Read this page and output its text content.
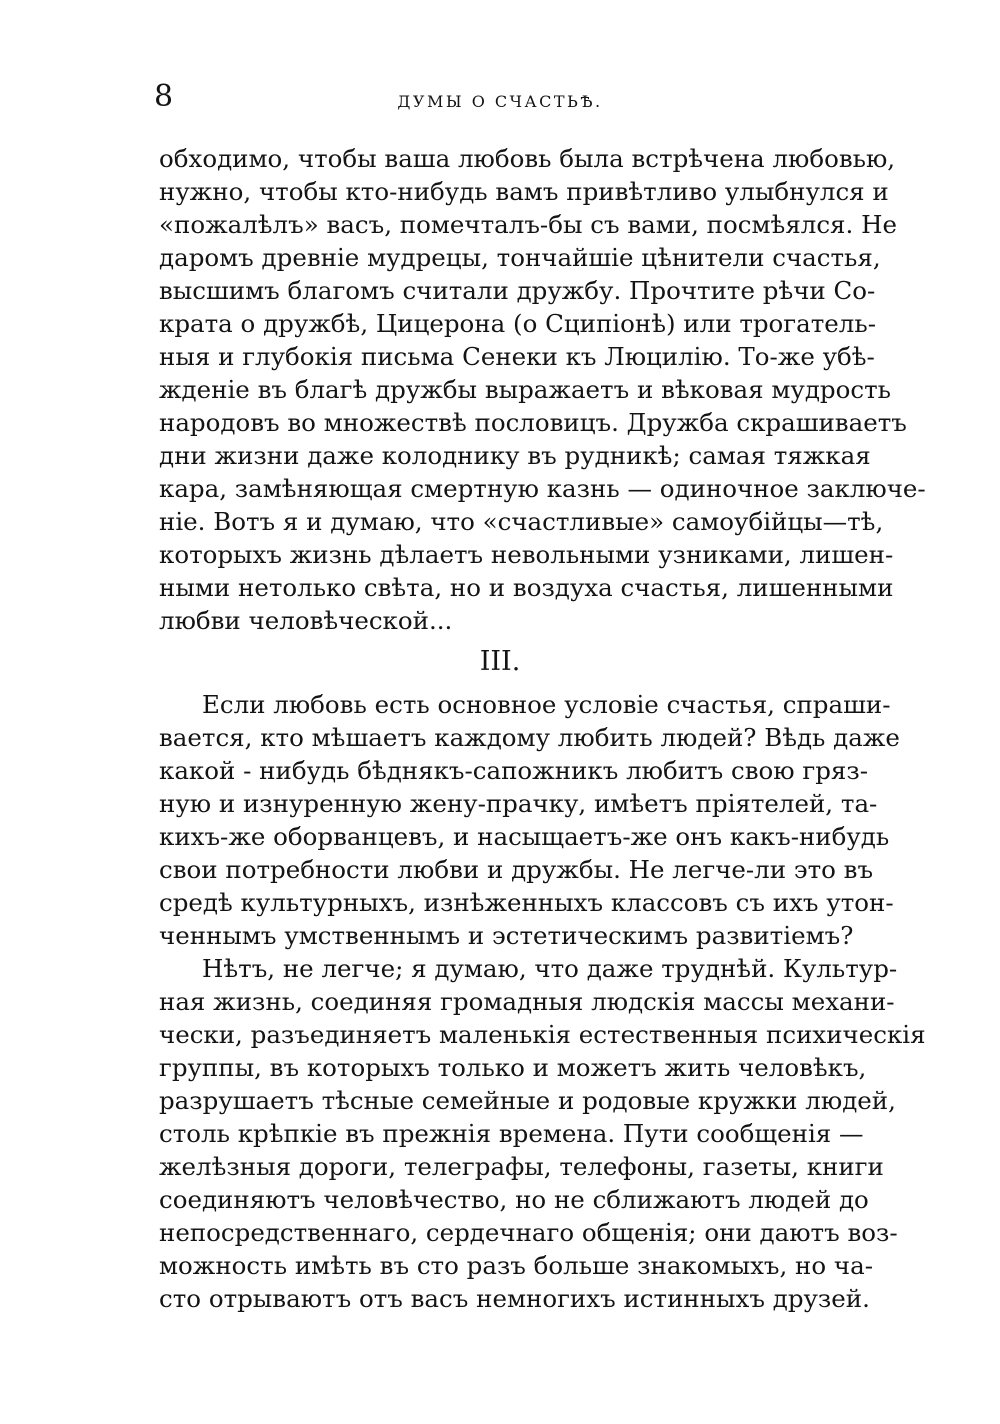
8	ДУМЫ О СЧАСТЬѢ.
обходимо, чтобы ваша любовь была встрѣчена любовью,
нужно, чтобы кто-нибудь вамъ привѣтливо улыбнулся и
«пожалѣлъ» васъ, помечталъ-бы съ вами, посмѣялся. Не
даромъ древніе мудрецы, тончайшіе цѣнители счастья,
высшимъ благомъ считали дружбу. Прочтите рѣчи Со-
крата о дружбѣ, Цицерона (о Сципіонѣ) или трогатель-
ныя и глубокія письма Сенеки къ Люцилію. То-же убѣ-
жденіе въ благѣ дружбы выражаетъ и вѣковая мудрость
народовъ во множествѣ пословицъ. Дружба скрашиваетъ
дни жизни даже колоднику въ рудникѣ; самая тяжкая
кара, замѣняющая смертную казнь — одиночное заключе-
ніе. Вотъ я и думаю, что «счастливые» самоубійцы—тѣ,
которыхъ жизнь дѣлаетъ невольными узниками, лишен-
ными нетолько свѣта, но и воздуха счастья, лишенными
любви человѣческой...
III.
Если любовь есть основное условіе счастья, спраши-
вается, кто мѣшаетъ каждому любить людей? Вѣдь даже
какой - нибудь бѣднякъ-сапожникъ любитъ свою гряз-
ную и изнуренную жену-прачку, имѣетъ пріятелей, та-
кихъ-же оборванцевъ, и насыщаетъ-же онъ какъ-нибудь
свои потребности любви и дружбы. Не легче-ли это въ
средѣ культурныхъ, изнѣженныхъ классовъ съ ихъ утон-
ченнымъ умственнымъ и эстетическимъ развитіемъ?
Нѣтъ, не легче; я думаю, что даже труднѣй. Культур-
ная жизнь, соединяя громадныя людскія массы механи-
чески, разъединяетъ маленькія естественныя психическія
группы, въ которыхъ только и можетъ жить человѣкъ,
разрушаетъ тѣсные семейные и родовые кружки людей,
столь крѣпкіе въ прежнія времена. Пути сообщенія —
желѣзныя дороги, телеграфы, телефоны, газеты, книги
соединяютъ человѣчество, но не сближаютъ людей до
непосредственнаго, сердечнаго общенія; они даютъ воз-
можность имѣть въ сто разъ больше знакомыхъ, но ча-
сто отрываютъ отъ васъ немногихъ истинныхъ друзей.
